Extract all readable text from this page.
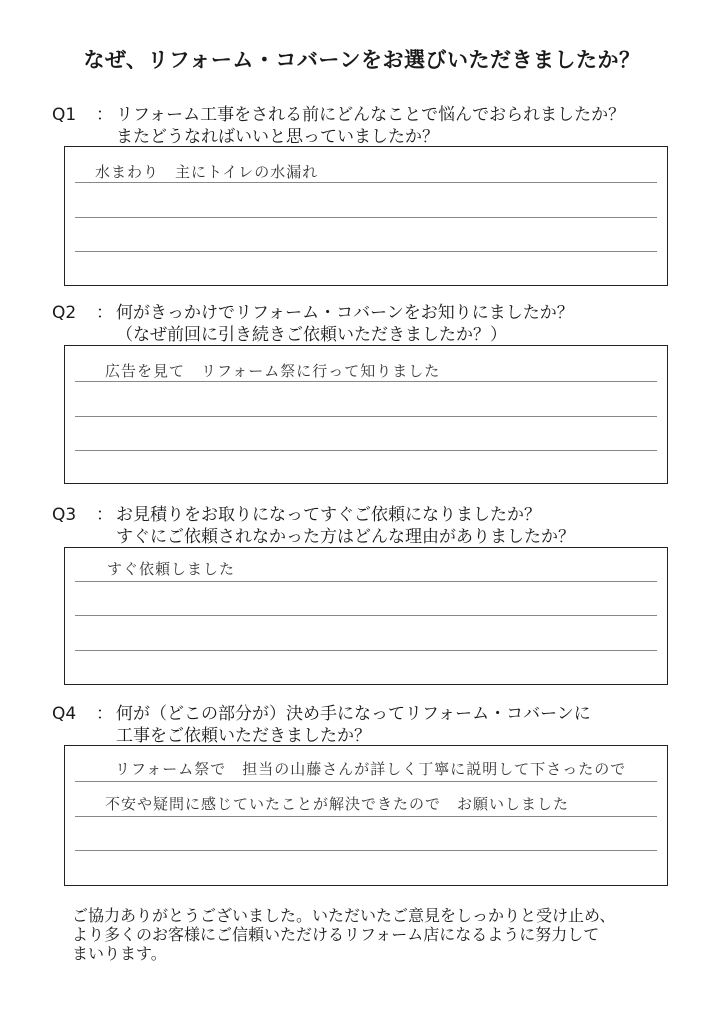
なぜ、リフォーム・コバーンをお選びいただきましたか？
Q1	： リフォーム工事をされる前にどんなことで悩んでおられましたか？
またどうなればいいと思っていましたか？
水まわり　主にトイレの水漏れ
Q2	： 何がきっかけでリフォーム・コバーンをお知りにましたか？
（なぜ前回に引き続きご依頼いただきましたか？）
広告を見て　リフォーム祭に行って知りました
Q3	： お見積りをお取りになってすぐご依頼になりましたか？
すぐにご依頼されなかった方はどんな理由がありましたか？
すぐ依頼しました
Q4	： 何が（どこの部分が）決め手になってリフォーム・コバーンに
工事をご依頼いただきましたか？
リフォーム祭で　担当の山藤さんが詳しく丁寧に説明して下さったので
不安や疑問に感じていたことが解決できたので　お願いしました
ご協力ありがとうございました。いただいたご意見をしっかりと受け止め、
より多くのお客様にご信頼いただけるリフォーム店になるように努力して
まいります。
